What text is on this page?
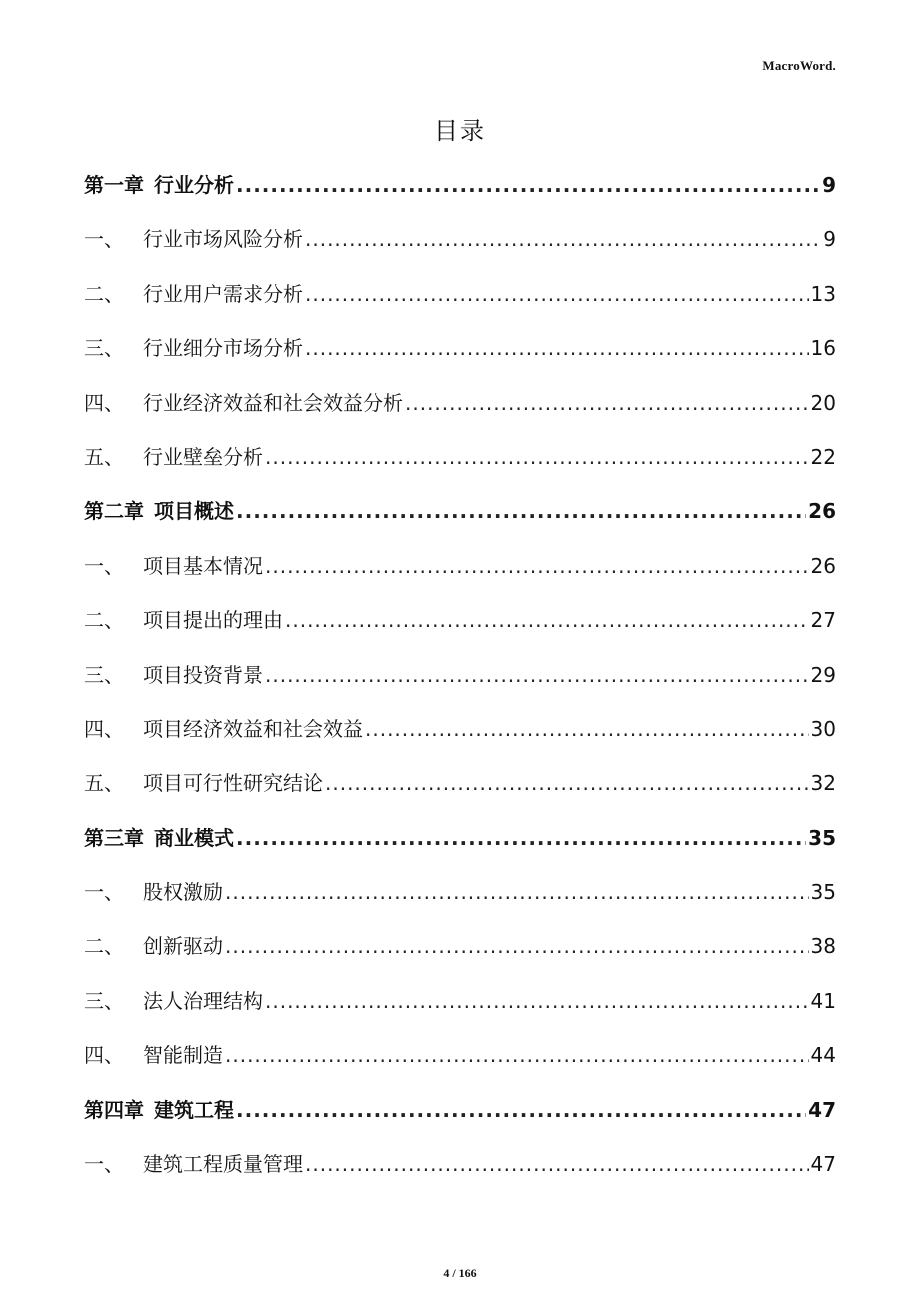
MacroWord.
目录
第一章 行业分析 .....	9
一、 行业市场风险分析 .....	9
二、 行业用户需求分析 .....	13
三、 行业细分市场分析 .....	16
四、 行业经济效益和社会效益分析 .....	20
五、 行业壁垒分析 .....	22
第二章 项目概述 .....	26
一、 项目基本情况 .....	26
二、 项目提出的理由 .....	27
三、 项目投资背景 .....	29
四、 项目经济效益和社会效益 .....	30
五、 项目可行性研究结论 .....	32
第三章 商业模式 .....	35
一、 股权激励 .....	35
二、 创新驱动 .....	38
三、 法人治理结构 .....	41
四、 智能制造 .....	44
第四章 建筑工程 .....	47
一、 建筑工程质量管理 .....	47
4 / 166
